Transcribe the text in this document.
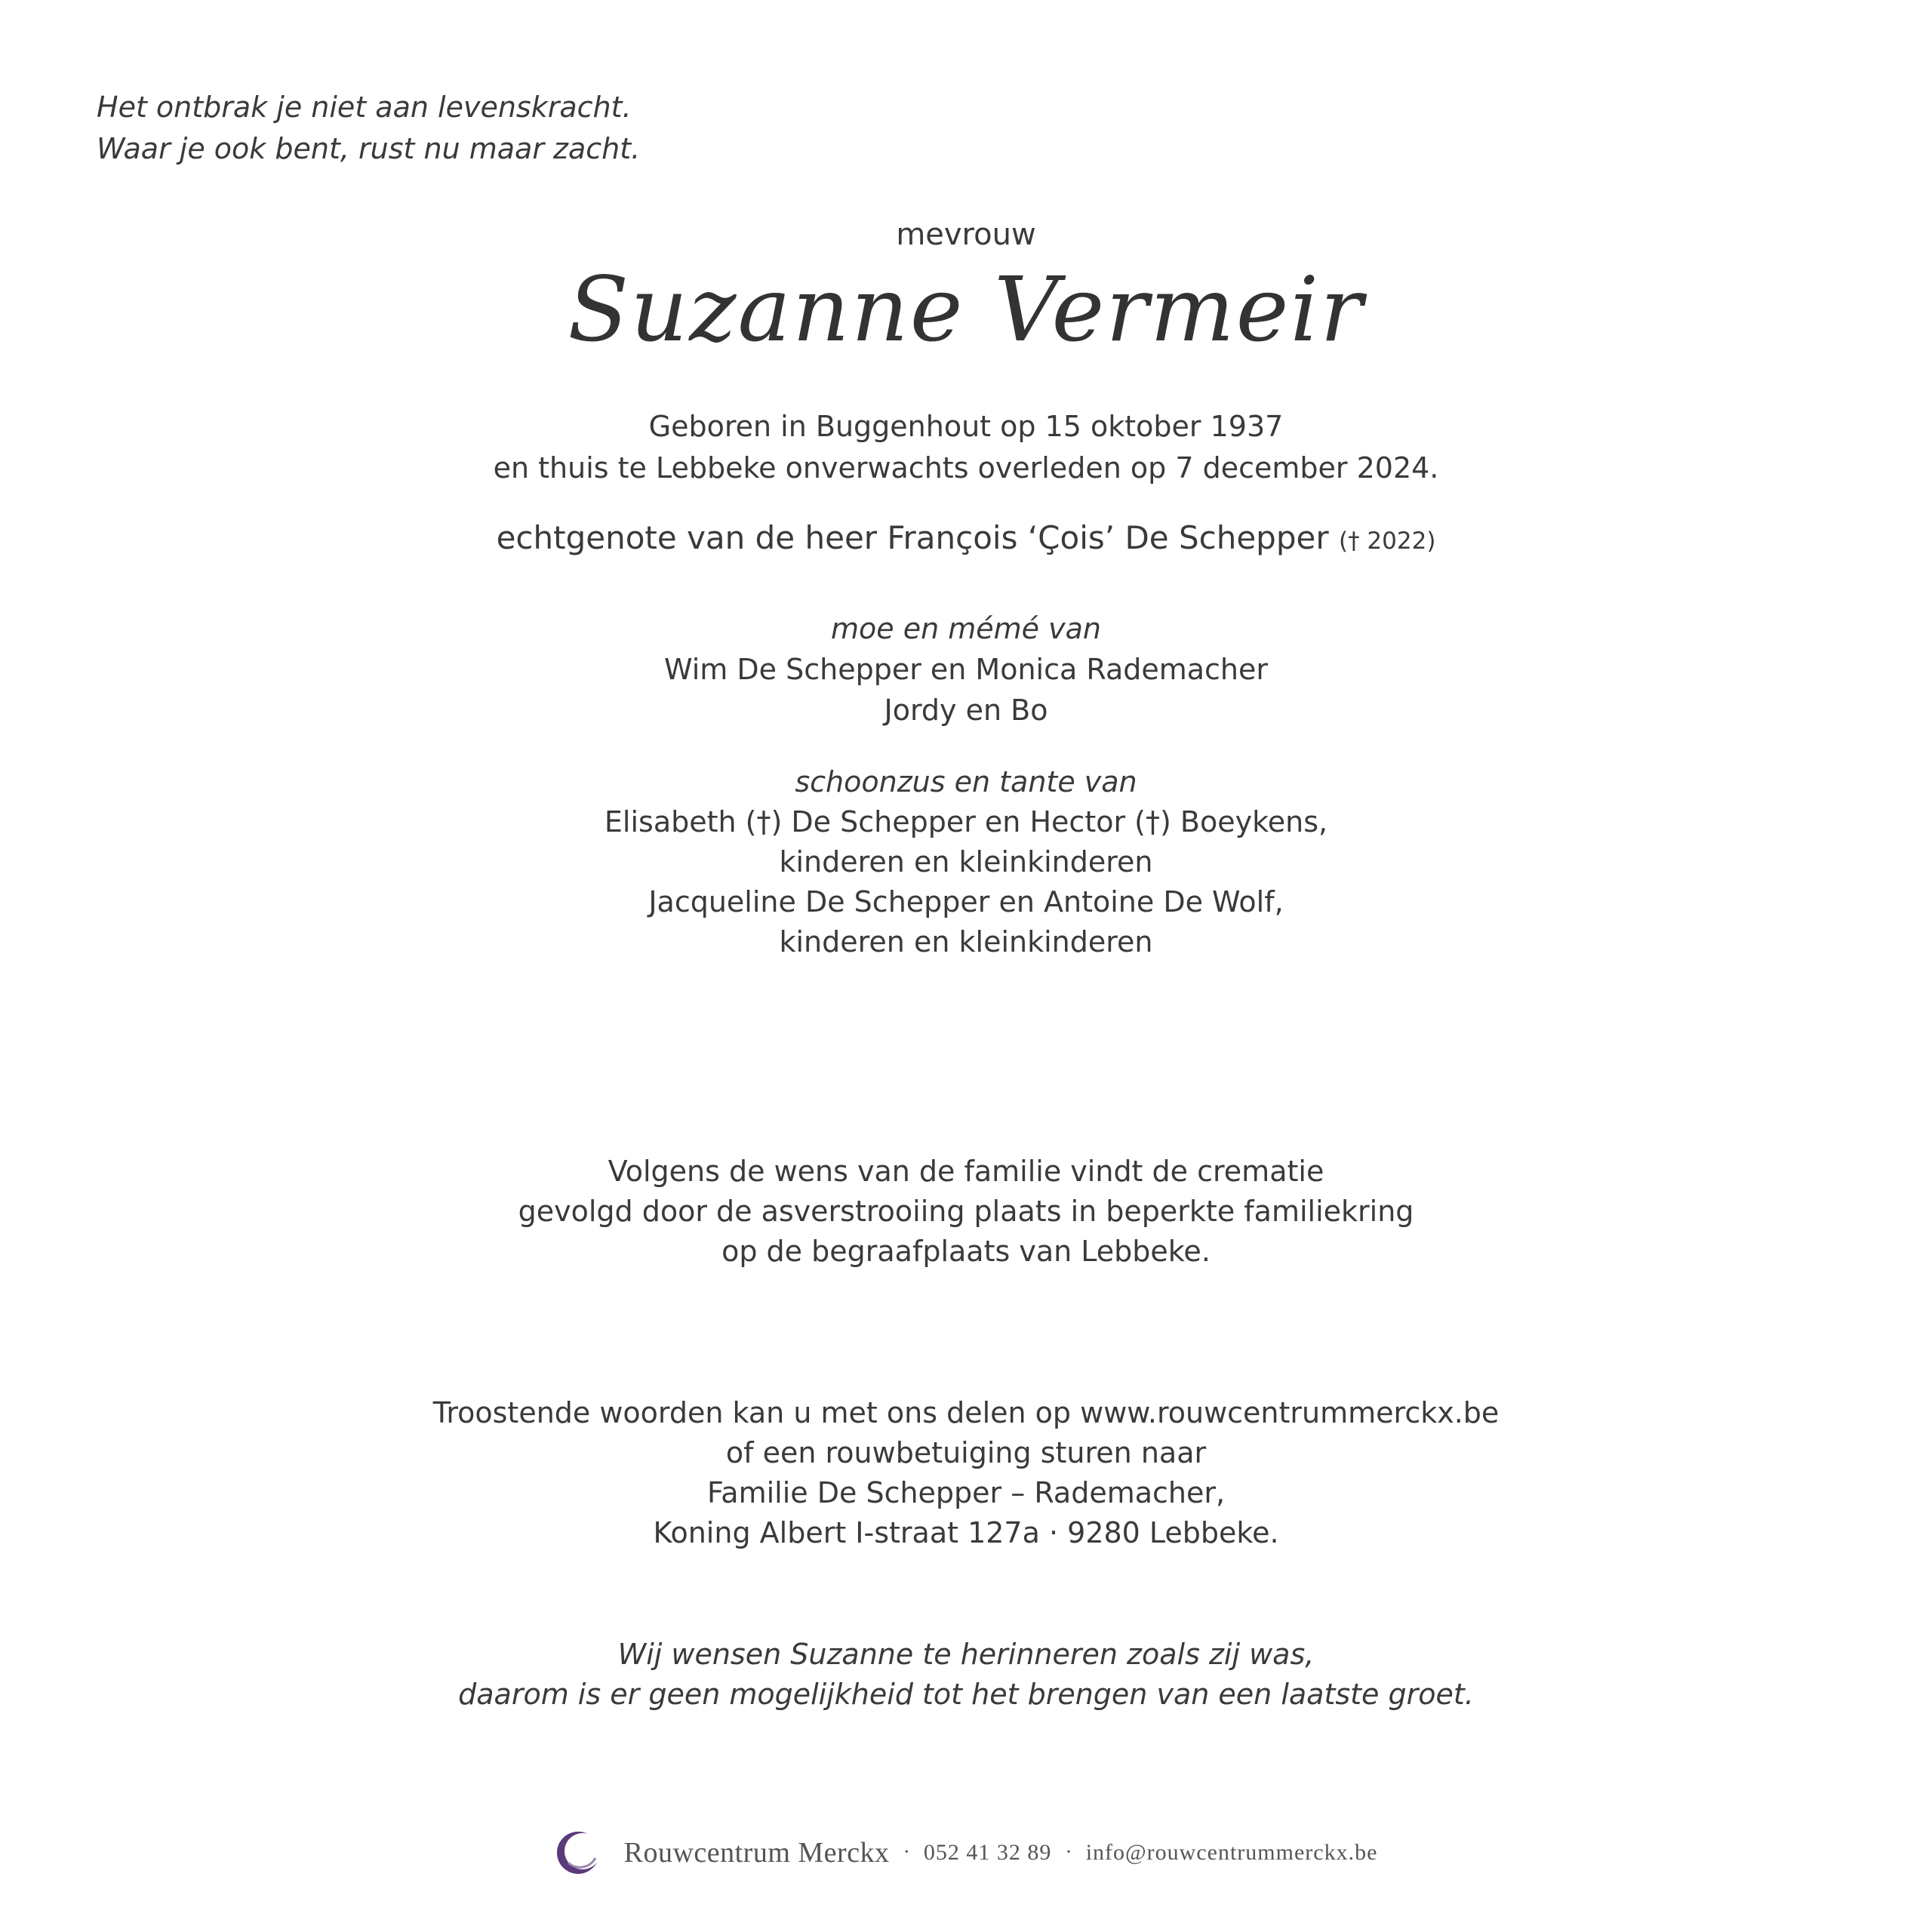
Het ontbrak je niet aan levenskracht.
Waar je ook bent, rust nu maar zacht.
mevrouw
Suzanne Vermeir
Geboren in Buggenhout op 15 oktober 1937
en thuis te Lebbeke onverwachts overleden op 7 december 2024.
echtgenote van de heer François ‘Çois’ De Schepper († 2022)
moe en mémé van
Wim De Schepper en Monica Rademacher
Jordy en Bo
schoonzus en tante van
Elisabeth (†) De Schepper en Hector (†) Boeykens,
kinderen en kleinkinderen
Jacqueline De Schepper en Antoine De Wolf,
kinderen en kleinkinderen
Volgens de wens van de familie vindt de crematie
gevolgd door de asverstrooiing plaats in beperkte familiekring
op de begraafplaats van Lebbeke.
Troostende woorden kan u met ons delen op www.rouwcentrummerckx.be
of een rouwbetuiging sturen naar
Familie De Schepper – Rademacher,
Koning Albert I-straat 127a · 9280 Lebbeke.
Wij wensen Suzanne te herinneren zoals zij was,
daarom is er geen mogelijkheid tot het brengen van een laatste groet.
Rouwcentrum Merckx · 052 41 32 89 · info@rouwcentrummerckx.be
